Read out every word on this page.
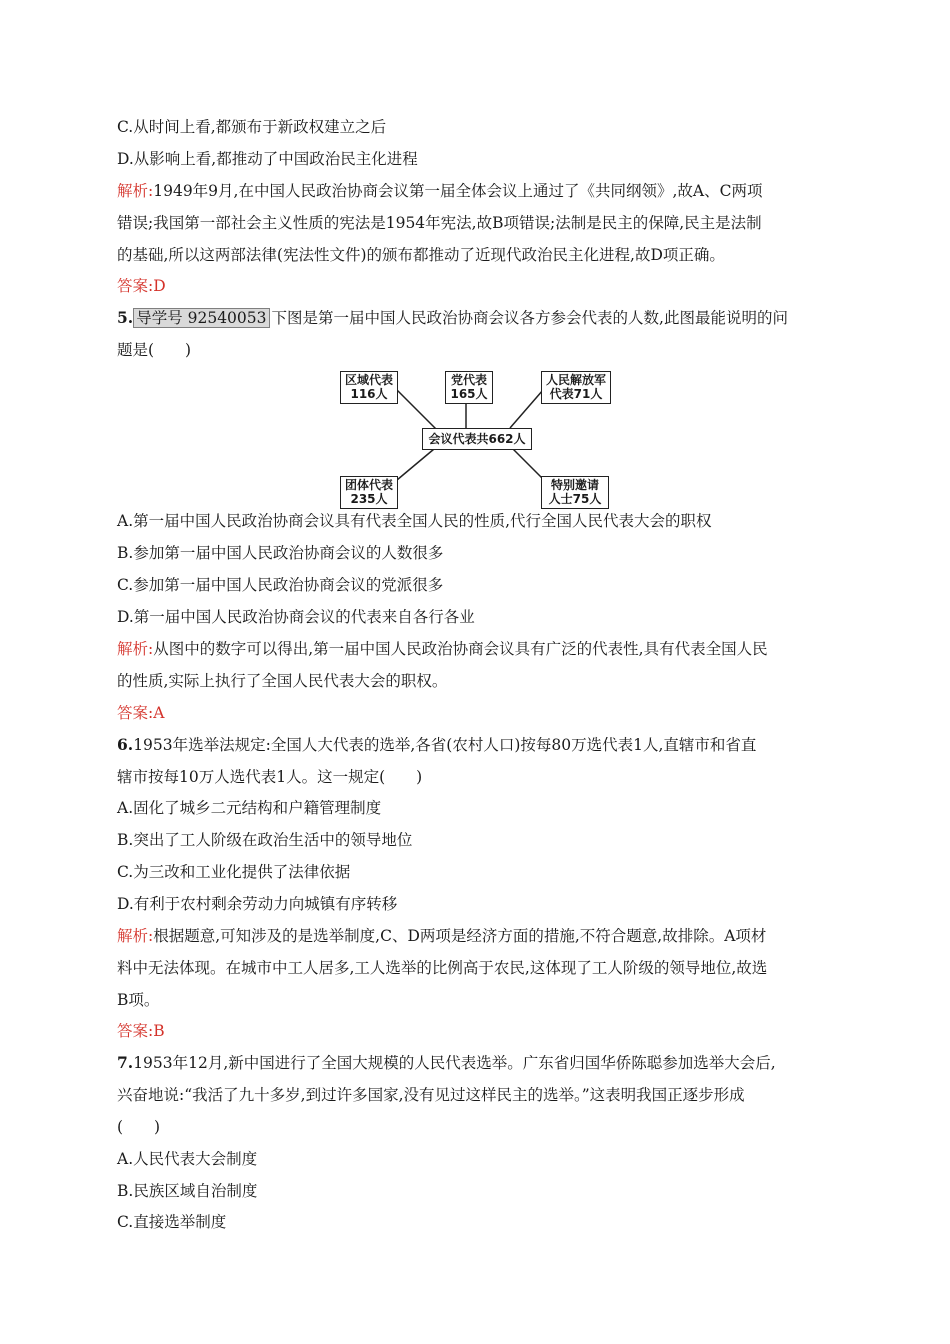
C.从时间上看,都颁布于新政权建立之后
D.从影响上看,都推动了中国政治民主化进程
解析:1949年9月,在中国人民政治协商会议第一届全体会议上通过了《共同纲领》,故A、C两项
错误;我国第一部社会主义性质的宪法是1954年宪法,故B项错误;法制是民主的保障,民主是法制
的基础,所以这两部法律(宪法性文件)的颁布都推动了近现代政治民主化进程,故D项正确。
答案:D
5. 导学号 92540053 下图是第一届中国人民政治协商会议各方参会代表的人数,此图最能说明的问
题是(　　)
区域代表
116人
党代表
165人
人民解放军
代表71人
会议代表共662人
团体代表
235人
特别邀请
人士75人
A.第一届中国人民政治协商会议具有代表全国人民的性质,代行全国人民代表大会的职权
B.参加第一届中国人民政治协商会议的人数很多
C.参加第一届中国人民政治协商会议的党派很多
D.第一届中国人民政治协商会议的代表来自各行各业
解析:从图中的数字可以得出,第一届中国人民政治协商会议具有广泛的代表性,具有代表全国人民
的性质,实际上执行了全国人民代表大会的职权。
答案:A
6.1953年选举法规定:全国人大代表的选举,各省(农村人口)按每80万选代表1人,直辖市和省直
辖市按每10万人选代表1人。这一规定(　　)
A.固化了城乡二元结构和户籍管理制度
B.突出了工人阶级在政治生活中的领导地位
C.为三改和工业化提供了法律依据
D.有利于农村剩余劳动力向城镇有序转移
解析:根据题意,可知涉及的是选举制度,C、D两项是经济方面的措施,不符合题意,故排除。A项材
料中无法体现。在城市中工人居多,工人选举的比例高于农民,这体现了工人阶级的领导地位,故选
B项。
答案:B
7.1953年12月,新中国进行了全国大规模的人民代表选举。广东省归国华侨陈聪参加选举大会后,
兴奋地说:“我活了九十多岁,到过许多国家,没有见过这样民主的选举。”这表明我国正逐步形成
(　　)
A.人民代表大会制度
B.民族区域自治制度
C.直接选举制度
